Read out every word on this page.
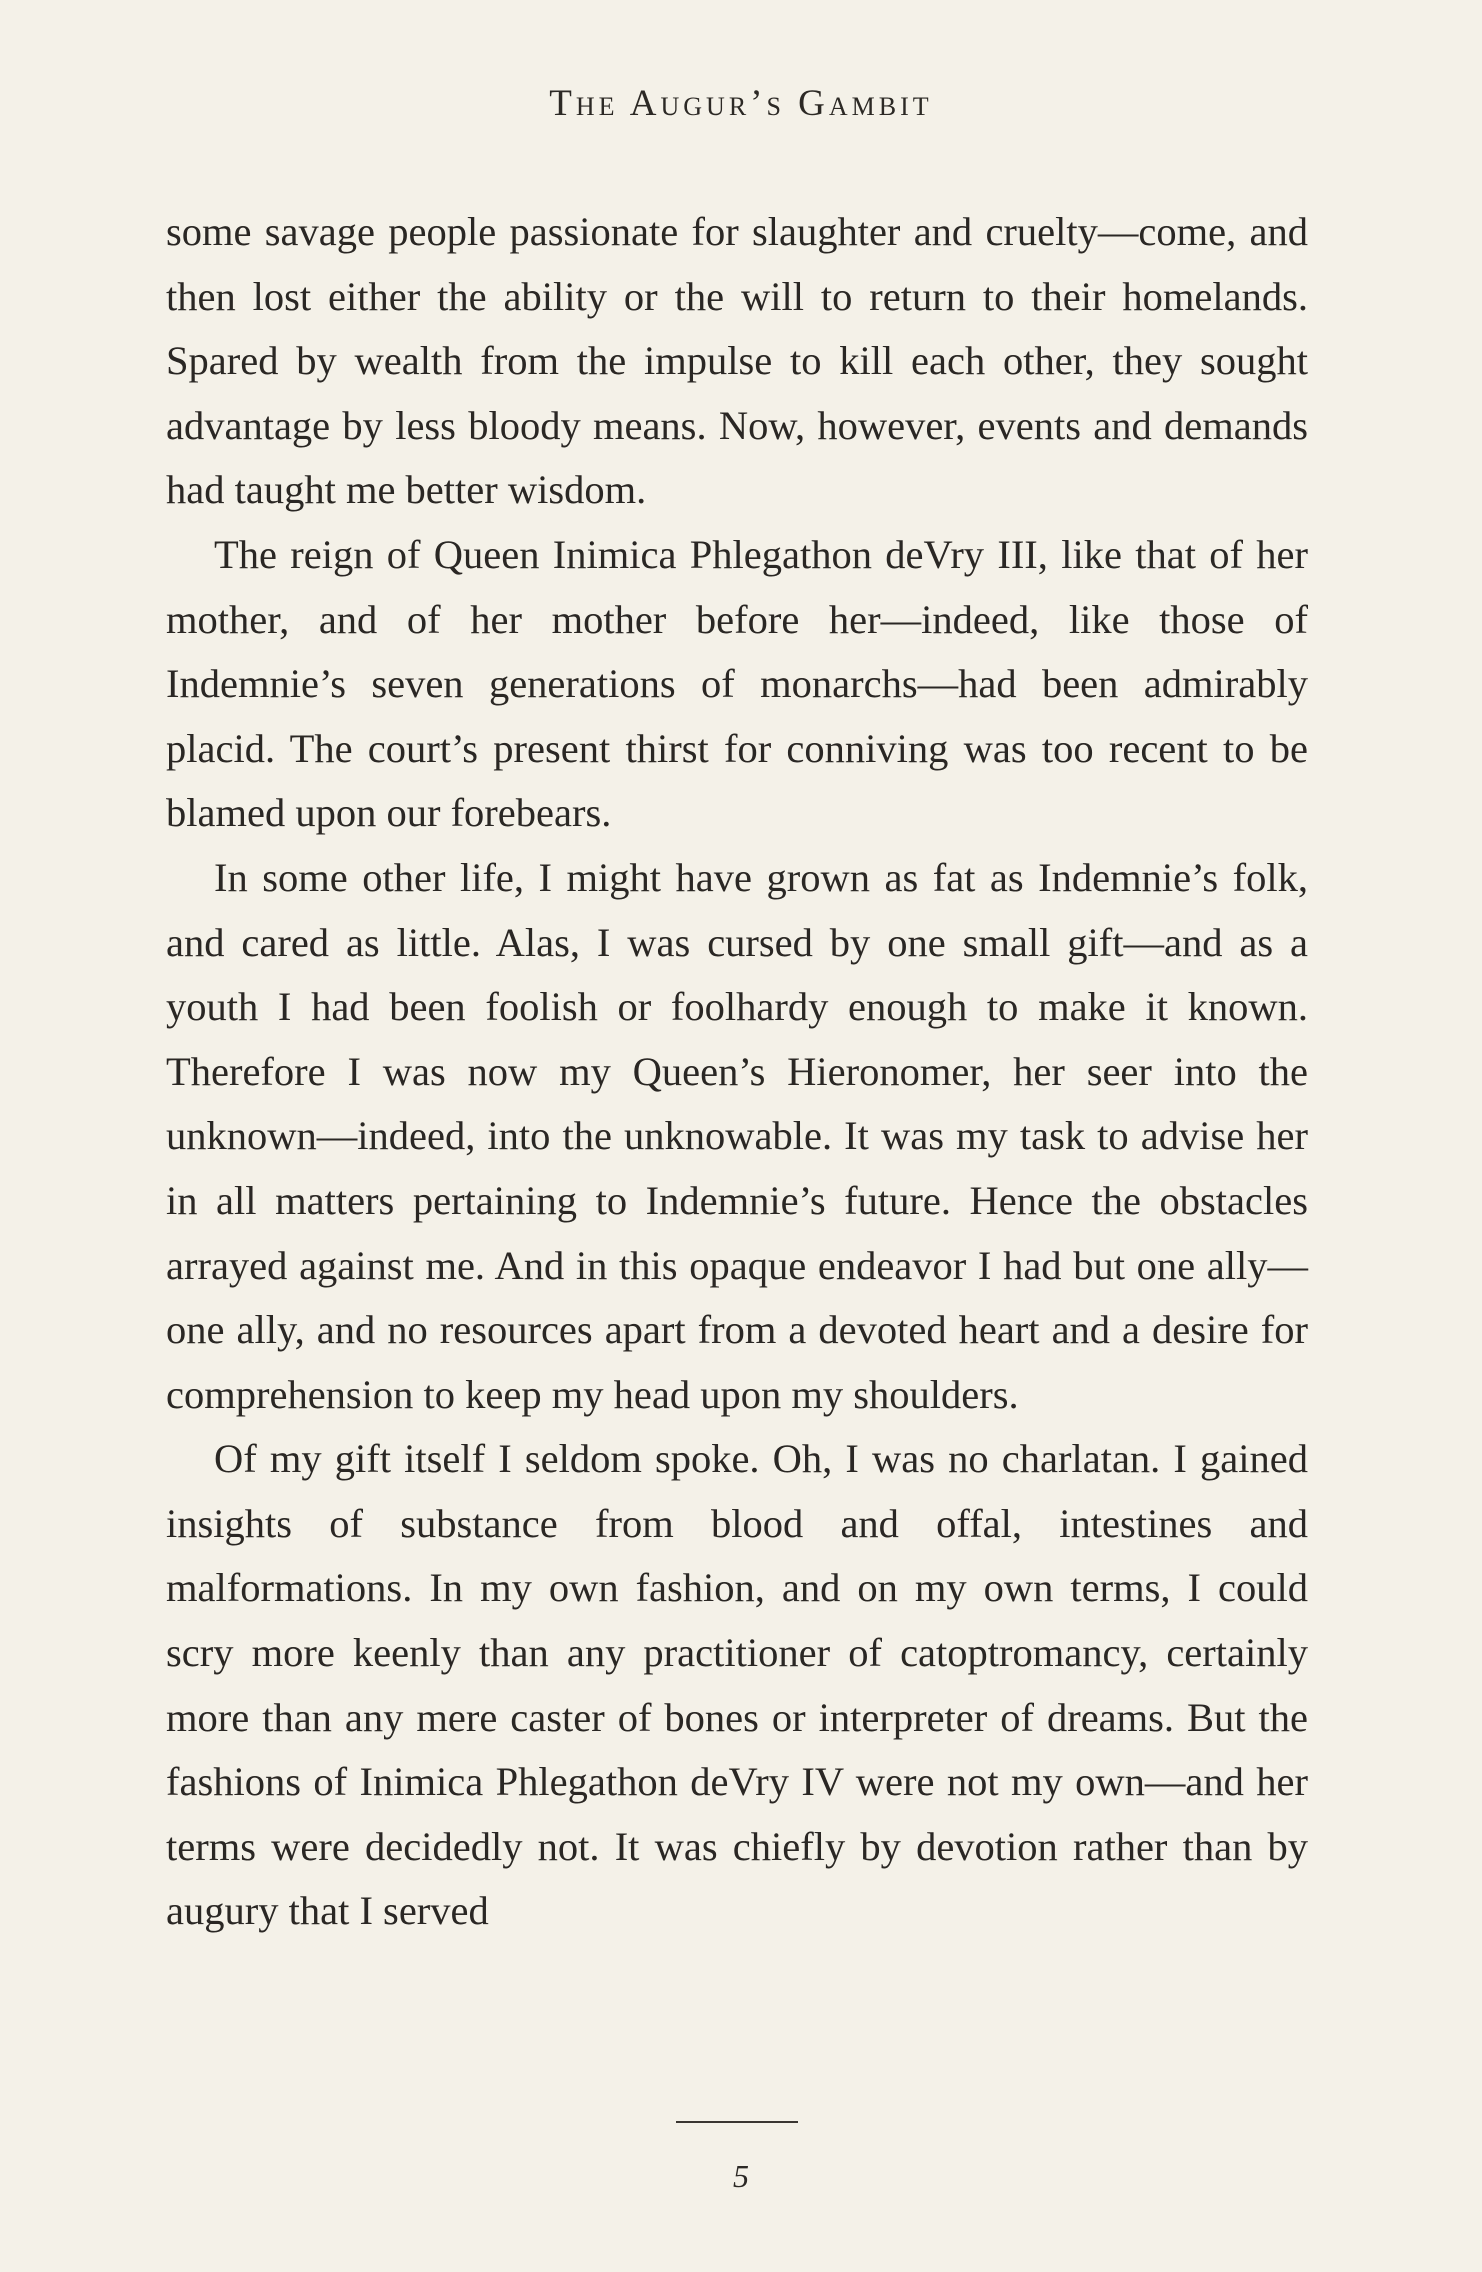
The Augur’s Gambit

some savage people passionate for slaughter and cruelty—come, and then lost either the ability or the will to return to their homelands. Spared by wealth from the impulse to kill each other, they sought advantage by less bloody means. Now, however, events and demands had taught me better wisdom.

The reign of Queen Inimica Phlegathon deVry III, like that of her mother, and of her mother before her—indeed, like those of Indemnie’s seven generations of monarchs—had been admirably placid. The court’s present thirst for conniving was too recent to be blamed upon our forebears.

In some other life, I might have grown as fat as Indemnie’s folk, and cared as little. Alas, I was cursed by one small gift—and as a youth I had been foolish or foolhardy enough to make it known. Therefore I was now my Queen’s Hieronomer, her seer into the unknown—indeed, into the unknowable. It was my task to advise her in all matters pertaining to Indemnie’s future. Hence the obstacles arrayed against me. And in this opaque endeavor I had but one ally—one ally, and no resources apart from a devoted heart and a desire for comprehension to keep my head upon my shoulders.

Of my gift itself I seldom spoke. Oh, I was no charlatan. I gained insights of substance from blood and offal, intestines and malformations. In my own fashion, and on my own terms, I could scry more keenly than any practitioner of catoptromancy, certainly more than any mere caster of bones or interpreter of dreams. But the fashions of Inimica Phlegathon deVry IV were not my own—and her terms were decidedly not. It was chiefly by devotion rather than by augury that I served

5
